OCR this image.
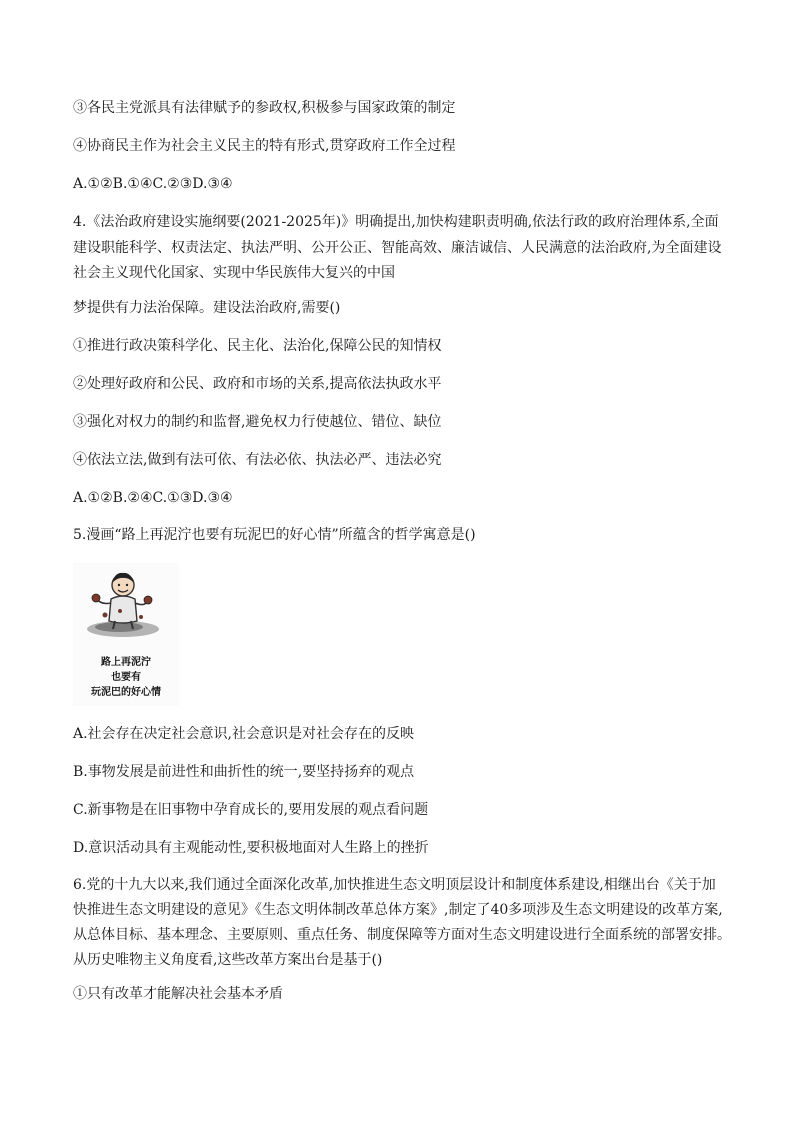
③各民主党派具有法律赋予的参政权,积极参与国家政策的制定
④协商民主作为社会主义民主的特有形式,贯穿政府工作全过程
A.①②B.①④C.②③D.③④
4.《法治政府建设实施纲要(2021-2025年)》明确提出,加快构建职责明确,依法行政的政府治理体系,全面
建设职能科学、权责法定、执法严明、公开公正、智能高效、廉洁诚信、人民满意的法治政府,为全面建设
社会主义现代化国家、实现中华民族伟大复兴的中国
梦提供有力法治保障。建设法治政府,需要()
①推进行政决策科学化、民主化、法治化,保障公民的知情权
②处理好政府和公民、政府和市场的关系,提高依法执政水平
③强化对权力的制约和监督,避免权力行使越位、错位、缺位
④依法立法,做到有法可依、有法必依、执法必严、违法必究
A.①②B.②④C.①③D.③④
5.漫画“路上再泥泞也要有玩泥巴的好心情”所蕴含的哲学寓意是()
路上再泥泞
也要有
玩泥巴的好心情
A.社会存在决定社会意识,社会意识是对社会存在的反映
B.事物发展是前进性和曲折性的统一,要坚持扬弃的观点
C.新事物是在旧事物中孕育成长的,要用发展的观点看问题
D.意识活动具有主观能动性,要积极地面对人生路上的挫折
6.党的十九大以来,我们通过全面深化改革,加快推进生态文明顶层设计和制度体系建设,相继出台《关于加
快推进生态文明建设的意见》《生态文明体制改革总体方案》,制定了40多项涉及生态文明建设的改革方案,
从总体目标、基本理念、主要原则、重点任务、制度保障等方面对生态文明建设进行全面系统的部署安排。
从历史唯物主义角度看,这些改革方案出台是基于()
①只有改革才能解决社会基本矛盾
